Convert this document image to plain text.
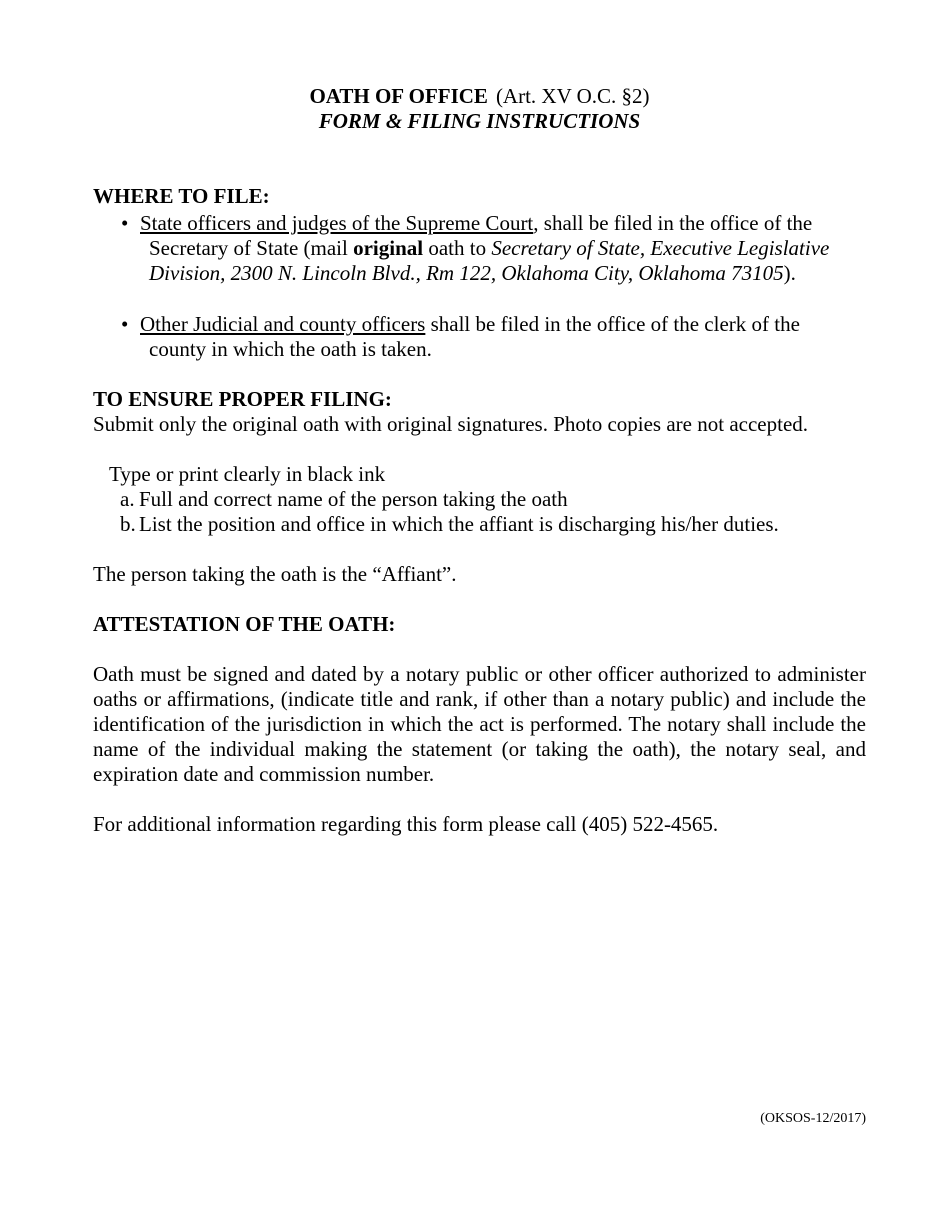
OATH OF OFFICE (Art. XV O.C. §2)
FORM & FILING INSTRUCTIONS
WHERE TO FILE:
• State officers and judges of the Supreme Court, shall be filed in the office of the
Secretary of State (mail original oath to Secretary of State, Executive Legislative
Division, 2300 N. Lincoln Blvd., Rm 122, Oklahoma City, Oklahoma 73105).
• Other Judicial and county officers shall be filed in the office of the clerk of the
county in which the oath is taken.
TO ENSURE PROPER FILING:
Submit only the original oath with original signatures. Photo copies are not accepted.
Type or print clearly in black ink
a. Full and correct name of the person taking the oath
b. List the position and office in which the affiant is discharging his/her duties.
The person taking the oath is the “Affiant”.
ATTESTATION OF THE OATH:
Oath must be signed and dated by a notary public or other officer authorized to administer oaths or affirmations, (indicate title and rank, if other than a notary public) and include the identification of the jurisdiction in which the act is performed. The notary shall include the name of the individual making the statement (or taking the oath), the notary seal, and expiration date and commission number.
For additional information regarding this form please call (405) 522-4565.
(OKSOS-12/2017)
